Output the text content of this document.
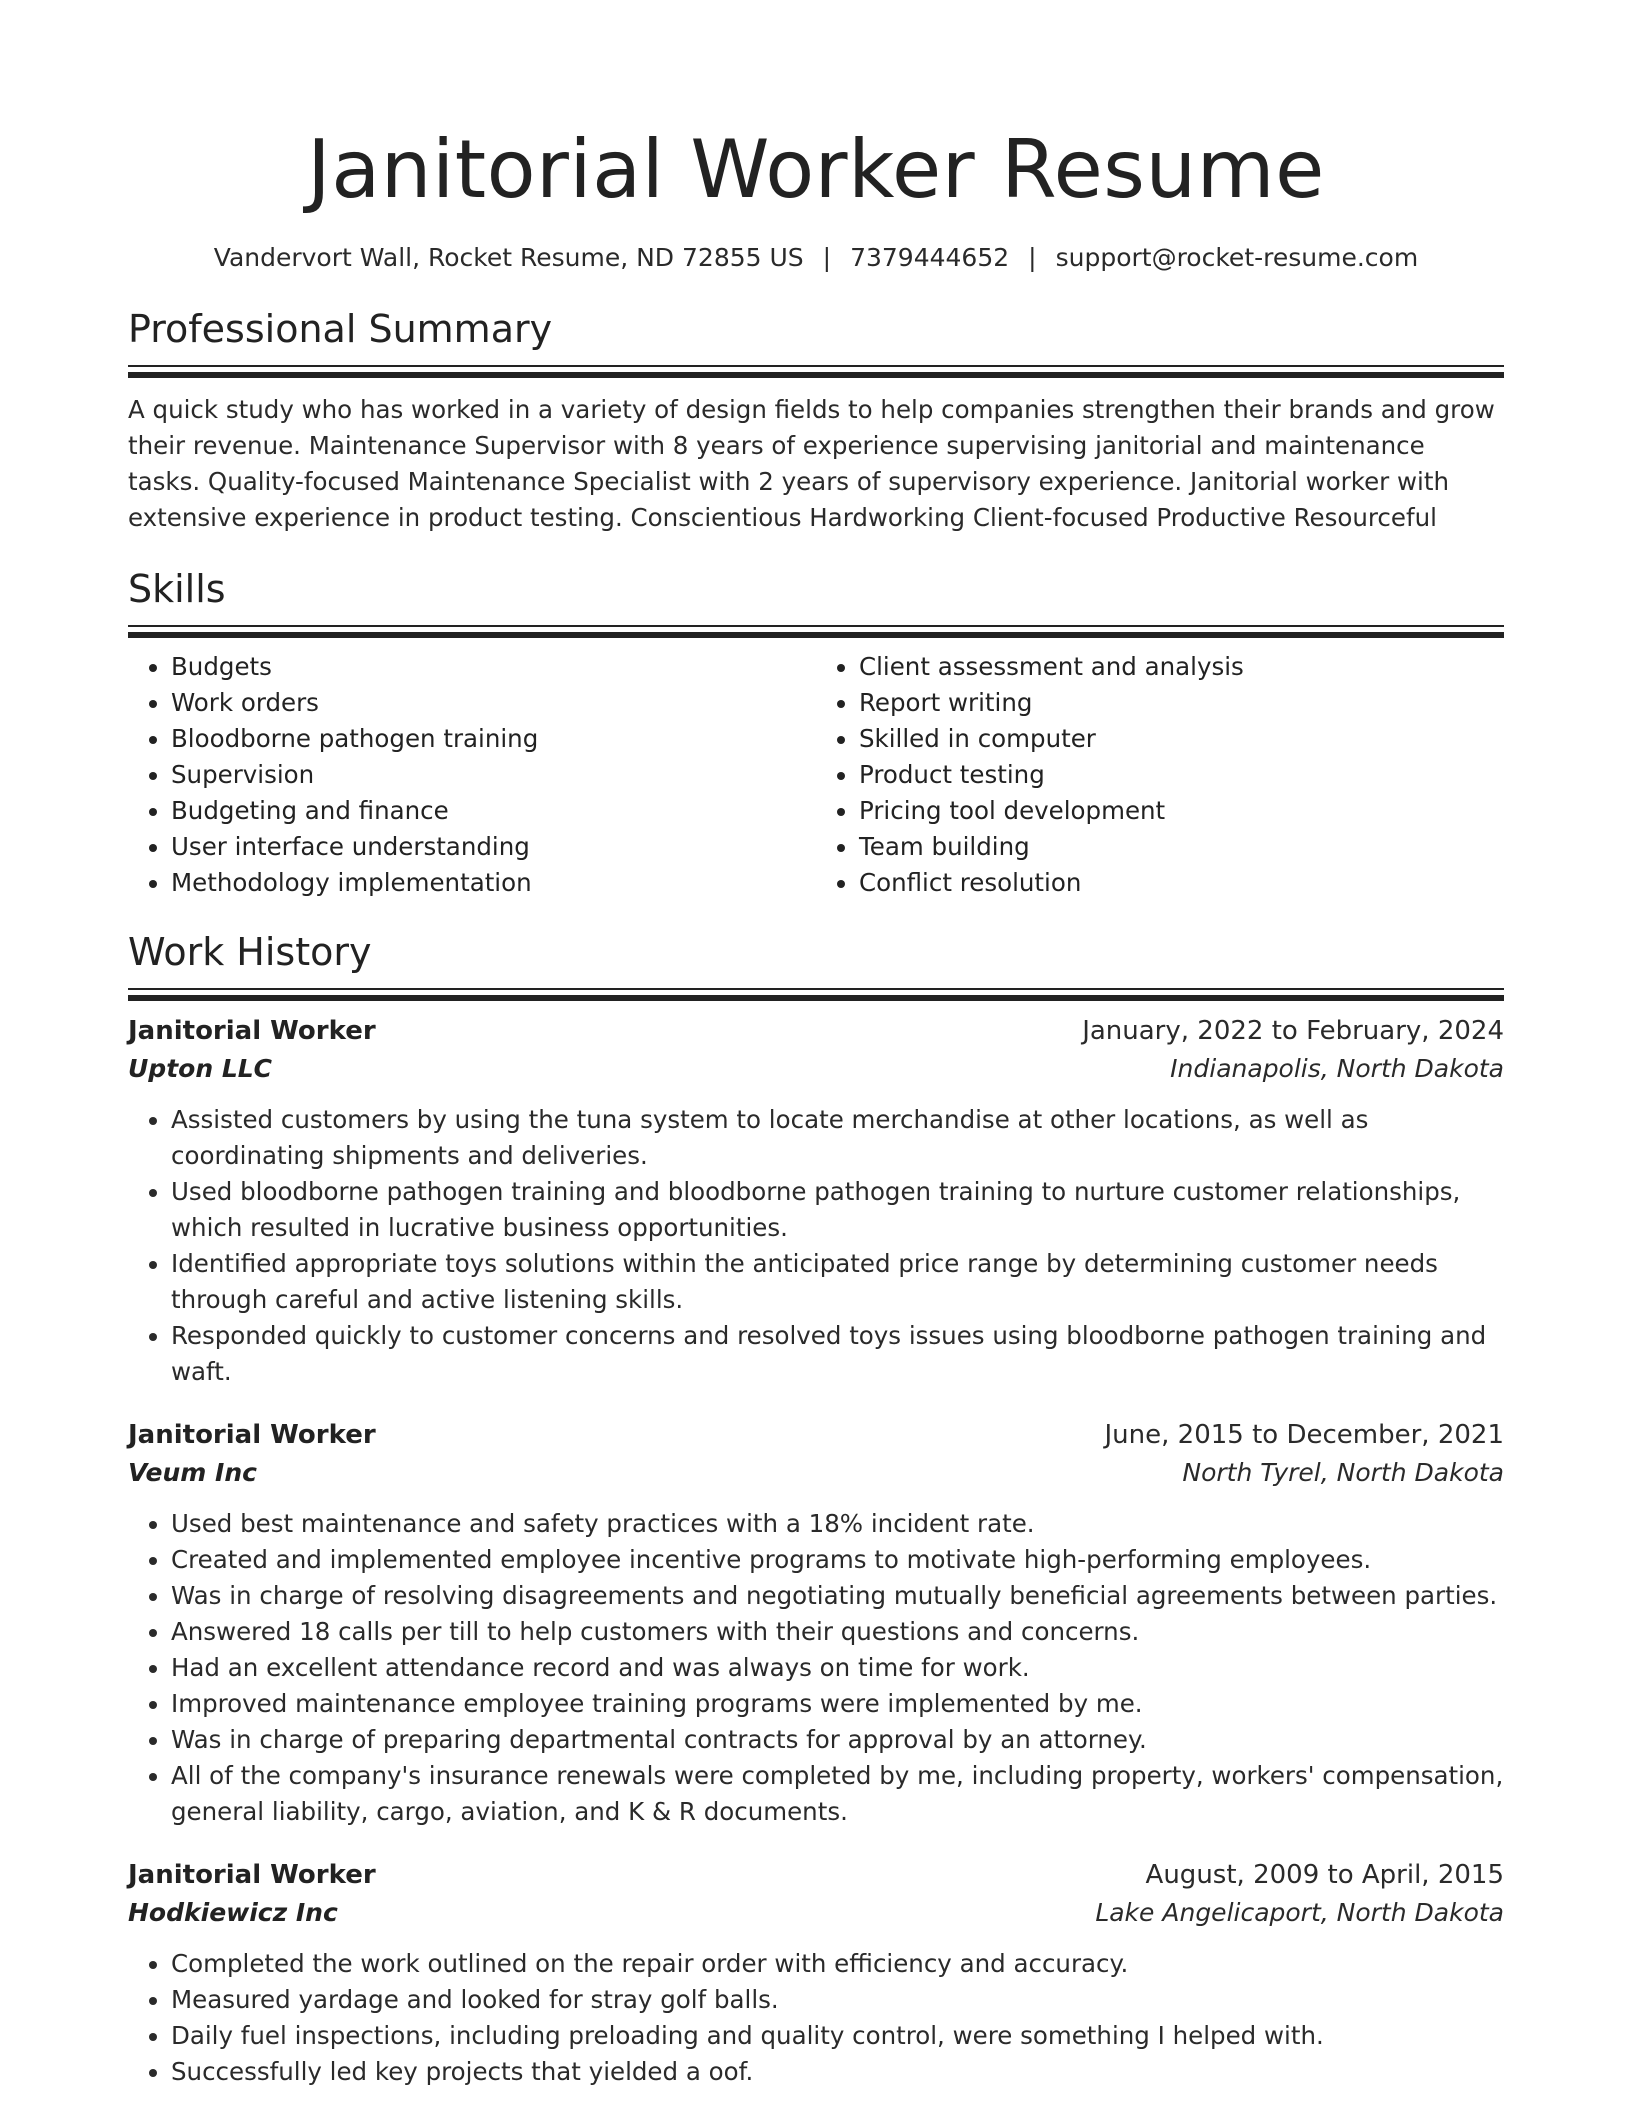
Janitorial Worker Resume
Vandervort Wall, Rocket Resume, ND 72855 US | 7379444652 | support@rocket-resume.com
Professional Summary

A quick study who has worked in a variety of design fields to help companies strengthen their brands and grow their revenue. Maintenance Supervisor with 8 years of experience supervising janitorial and maintenance tasks. Quality-focused Maintenance Specialist with 2 years of supervisory experience. Janitorial worker with extensive experience in product testing. Conscientious Hardworking Client-focused Productive Resourceful

Skills
• Budgets
• Work orders
• Bloodborne pathogen training
• Supervision
• Budgeting and finance
• User interface understanding
• Methodology implementation
• Client assessment and analysis
• Report writing
• Skilled in computer
• Product testing
• Pricing tool development
• Team building
• Conflict resolution
Work History
Janitorial Worker	January, 2022 to February, 2024
Upton LLC	Indianapolis, North Dakota
• Assisted customers by using the tuna system to locate merchandise at other locations, as well as coordinating shipments and deliveries.
• Used bloodborne pathogen training and bloodborne pathogen training to nurture customer relationships, which resulted in lucrative business opportunities.
• Identified appropriate toys solutions within the anticipated price range by determining customer needs through careful and active listening skills.
• Responded quickly to customer concerns and resolved toys issues using bloodborne pathogen training and waft.
Janitorial Worker	June, 2015 to December, 2021
Veum Inc	North Tyrel, North Dakota
• Used best maintenance and safety practices with a 18% incident rate.
• Created and implemented employee incentive programs to motivate high-performing employees.
• Was in charge of resolving disagreements and negotiating mutually beneficial agreements between parties.
• Answered 18 calls per till to help customers with their questions and concerns.
• Had an excellent attendance record and was always on time for work.
• Improved maintenance employee training programs were implemented by me.
• Was in charge of preparing departmental contracts for approval by an attorney.
• All of the company's insurance renewals were completed by me, including property, workers' compensation, general liability, cargo, aviation, and K & R documents.
Janitorial Worker	August, 2009 to April, 2015
Hodkiewicz Inc	Lake Angelicaport, North Dakota
• Completed the work outlined on the repair order with efficiency and accuracy.
• Measured yardage and looked for stray golf balls.
• Daily fuel inspections, including preloading and quality control, were something I helped with.
• Successfully led key projects that yielded a oof.
